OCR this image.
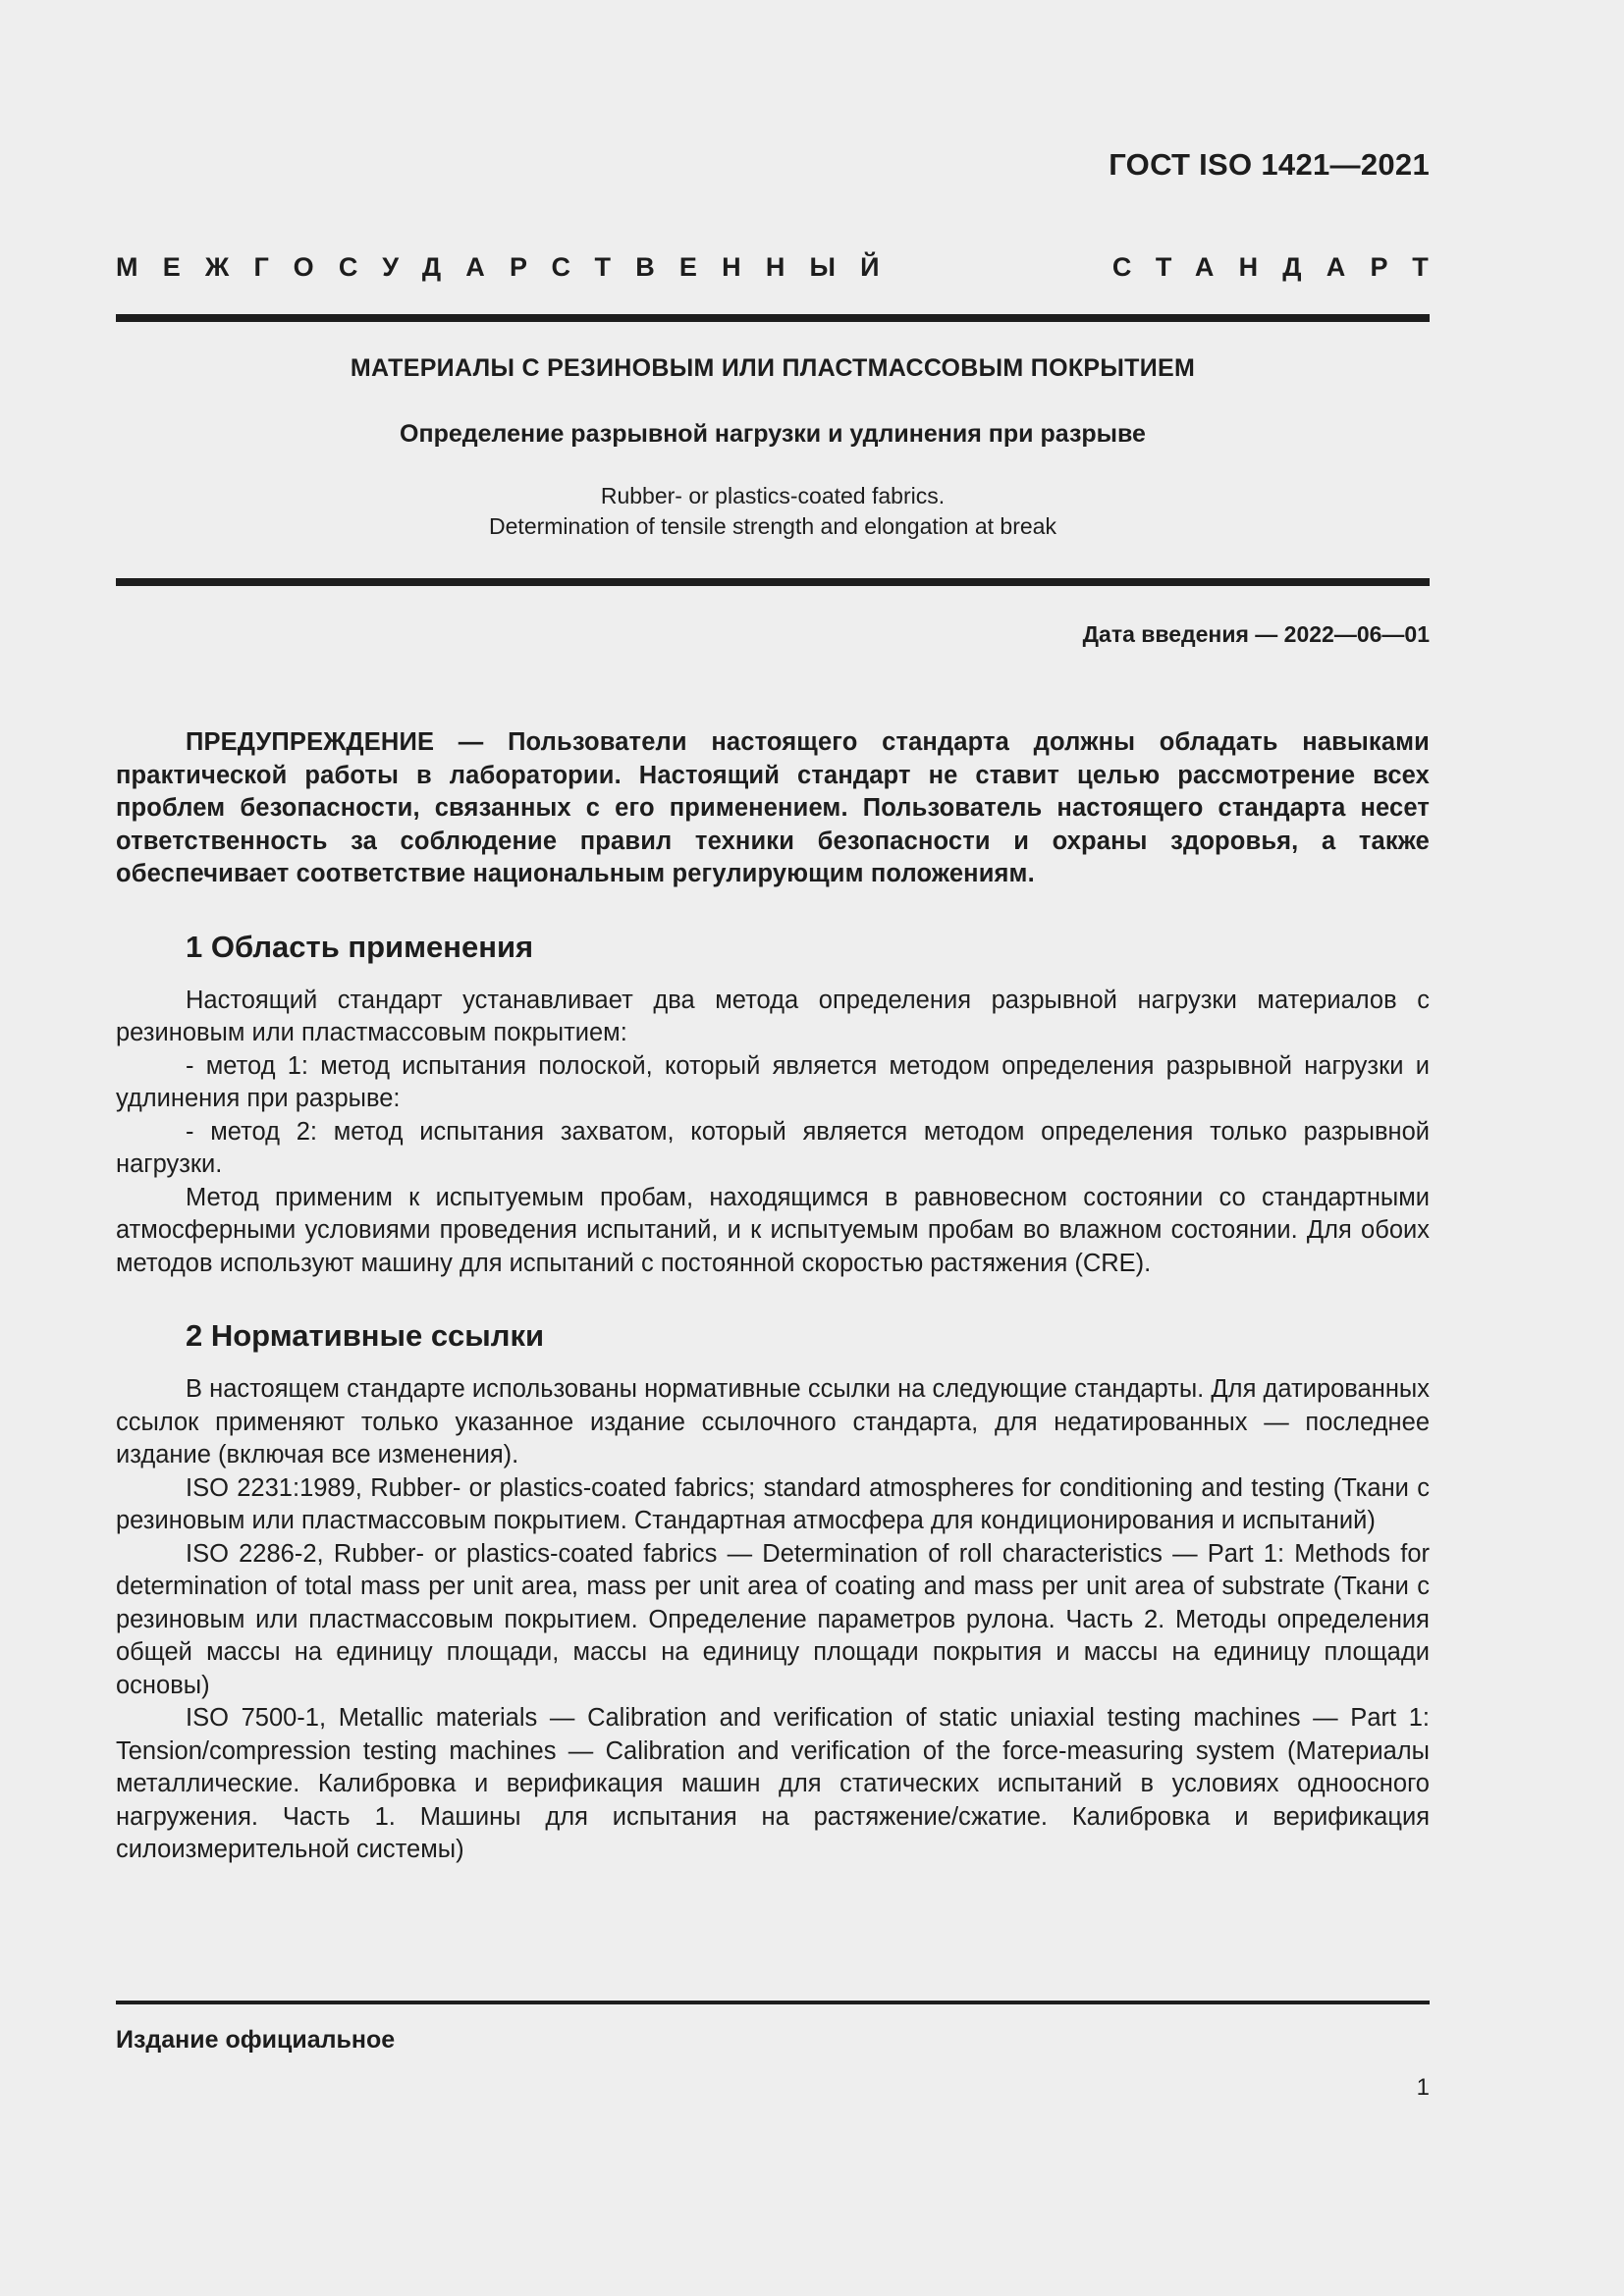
ГОСТ ISO 1421—2021
МЕЖГОСУДАРСТВЕННЫЙ	СТАНДАРТ
МАТЕРИАЛЫ С РЕЗИНОВЫМ ИЛИ ПЛАСТМАССОВЫМ ПОКРЫТИЕМ
Определение разрывной нагрузки и удлинения при разрыве
Rubber- or plastics-coated fabrics.
Determination of tensile strength and elongation at break
Дата введения — 2022—06—01

ПРЕДУПРЕЖДЕНИЕ — Пользователи настоящего стандарта должны обладать навыками практической работы в лаборатории. Настоящий стандарт не ставит целью рассмотрение всех проблем безопасности, связанных с его применением. Пользователь настоящего стандарта несет ответственность за соблюдение правил техники безопасности и охраны здоровья, а также обеспечивает соответствие национальным регулирующим положениям.

1 Область применения

Настоящий стандарт устанавливает два метода определения разрывной нагрузки материалов с резиновым или пластмассовым покрытием:

- метод 1: метод испытания полоской, который является методом определения разрывной нагрузки и удлинения при разрыве:

- метод 2: метод испытания захватом, который является методом определения только разрывной нагрузки.

Метод применим к испытуемым пробам, находящимся в равновесном состоянии со стандартными атмосферными условиями проведения испытаний, и к испытуемым пробам во влажном состоянии. Для обоих методов используют машину для испытаний с постоянной скоростью растяжения (CRE).

2 Нормативные ссылки

В настоящем стандарте использованы нормативные ссылки на следующие стандарты. Для датированных ссылок применяют только указанное издание ссылочного стандарта, для недатированных — последнее издание (включая все изменения).

ISO 2231:1989, Rubber- or plastics-coated fabrics; standard atmospheres for conditioning and testing (Ткани с резиновым или пластмассовым покрытием. Стандартная атмосфера для кондиционирования и испытаний)

ISO 2286-2, Rubber- or plastics-coated fabrics — Determination of roll characteristics — Part 1: Methods for determination of total mass per unit area, mass per unit area of coating and mass per unit area of substrate (Ткани с резиновым или пластмассовым покрытием. Определение параметров рулона. Часть 2. Методы определения общей массы на единицу площади, массы на единицу площади покрытия и массы на единицу площади основы)

ISO 7500-1, Metallic materials — Calibration and verification of static uniaxial testing machines — Part 1: Tension/compression testing machines — Calibration and verification of the force-measuring system (Материалы металлические. Калибровка и верификация машин для статических испытаний в условиях одноосного нагружения. Часть 1. Машины для испытания на растяжение/сжатие. Калибровка и верификация силоизмерительной системы)

Издание официальное
1
